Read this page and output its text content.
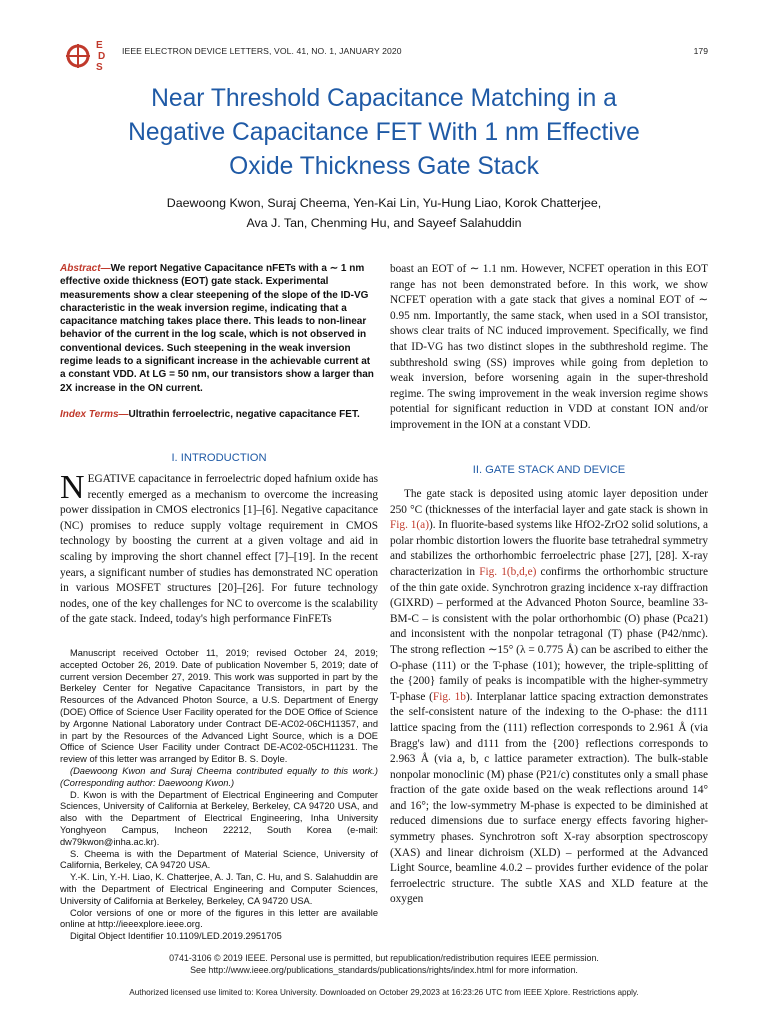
E
D
S
IEEE ELECTRON DEVICE LETTERS, VOL. 41, NO. 1, JANUARY 2020	179
Near Threshold Capacitance Matching in a
Negative Capacitance FET With 1 nm Effective
Oxide Thickness Gate Stack
Daewoong Kwon, Suraj Cheema, Yen-Kai Lin, Yu-Hung Liao, Korok Chatterjee,
Ava J. Tan, Chenming Hu, and Sayeef Salahuddin
Abstract—We report Negative Capacitance nFETs with a ∼ 1 nm effective oxide thickness (EOT) gate stack. Experimental measurements show a clear steepening of the slope of the ID-VG characteristic in the weak inversion regime, indicating that a capacitance matching takes place there. This leads to non-linear behavior of the current in the log scale, which is not observed in conventional devices. Such steepening in the weak inversion regime leads to a significant increase in the achievable current at a constant VDD. At LG = 50 nm, our transistors show a larger than 2X increase in the ON current.
Index Terms—Ultrathin ferroelectric, negative capacitance FET.
I. INTRODUCTION

NEGATIVE capacitance in ferroelectric doped hafnium oxide has recently emerged as a mechanism to overcome the increasing power dissipation in CMOS electronics [1]–[6]. Negative capacitance (NC) promises to reduce supply voltage requirement in CMOS technology by boosting the current at a given voltage and aid in scaling by improving the short channel effect [7]–[19]. In the recent years, a significant number of studies has demonstrated NC operation in various MOSFET structures [20]–[26]. For future technology nodes, one of the key challenges for NC to overcome is the scalability of the gate stack. Indeed, today's high performance FinFETs

Manuscript received October 11, 2019; revised October 24, 2019; accepted October 26, 2019. Date of publication November 5, 2019; date of current version December 27, 2019. This work was supported in part by the Berkeley Center for Negative Capacitance Transistors, in part by the Resources of the Advanced Photon Source, a U.S. Department of Energy (DOE) Office of Science User Facility operated for the DOE Office of Science by Argonne National Laboratory under Contract DE-AC02-06CH11357, and in part by the Resources of the Advanced Light Source, which is a DOE Office of Science User Facility under Contract DE-AC02-05CH11231. The review of this letter was arranged by Editor B. S. Doyle.

(Daewoong Kwon and Suraj Cheema contributed equally to this work.) (Corresponding author: Daewoong Kwon.)

D. Kwon is with the Department of Electrical Engineering and Computer Sciences, University of California at Berkeley, Berkeley, CA 94720 USA, and also with the Department of Electrical Engineering, Inha University Yonghyeon Campus, Incheon 22212, South Korea (e-mail: dw79kwon@inha.ac.kr).

S. Cheema is with the Department of Material Science, University of California, Berkeley, CA 94720 USA.

Y.-K. Lin, Y.-H. Liao, K. Chatterjee, A. J. Tan, C. Hu, and S. Salahuddin are with the Department of Electrical Engineering and Computer Sciences, University of California at Berkeley, Berkeley, CA 94720 USA.

Color versions of one or more of the figures in this letter are available online at http://ieeexplore.ieee.org.

Digital Object Identifier 10.1109/LED.2019.2951705

boast an EOT of ∼ 1.1 nm. However, NCFET operation in this EOT range has not been demonstrated before. In this work, we show NCFET operation with a gate stack that gives a nominal EOT of ∼ 0.95 nm. Importantly, the same stack, when used in a SOI transistor, shows clear traits of NC induced improvement. Specifically, we find that ID-VG has two distinct slopes in the subthreshold regime. The subthreshold swing (SS) improves while going from depletion to weak inversion, before worsening again in the super-threshold regime. The swing improvement in the weak inversion regime shows potential for significant reduction in VDD at constant ION and/or improvement in the ION at a constant VDD.
II. GATE STACK AND DEVICE

The gate stack is deposited using atomic layer deposition under 250 °C (thicknesses of the interfacial layer and gate stack is shown in Fig. 1(a)). In fluorite-based systems like HfO2-ZrO2 solid solutions, a polar rhombic distortion lowers the fluorite base tetrahedral symmetry and stabilizes the orthorhombic ferroelectric phase [27], [28]. X-ray characterization in Fig. 1(b,d,e) confirms the orthorhombic structure of the thin gate oxide. Synchrotron grazing incidence x-ray diffraction (GIXRD) – performed at the Advanced Photon Source, beamline 33-BM-C – is consistent with the polar orthorhombic (O) phase (Pca21) and inconsistent with the nonpolar tetragonal (T) phase (P42/nmc). The strong reflection ∼15° (λ = 0.775 Å) can be ascribed to either the O-phase (111) or the T-phase (101); however, the triple-splitting of the {200} family of peaks is incompatible with the higher-symmetry T-phase (Fig. 1b). Interplanar lattice spacing extraction demonstrates the self-consistent nature of the indexing to the O-phase: the d111 lattice spacing from the (111) reflection corresponds to 2.961 Å (via Bragg's law) and d111 from the {200} reflections corresponds to 2.963 Å (via a, b, c lattice parameter extraction). The bulk-stable nonpolar monoclinic (M) phase (P21/c) constitutes only a small phase fraction of the gate oxide based on the weak reflections around 14° and 16°; the low-symmetry M-phase is expected to be diminished at reduced dimensions due to surface energy effects favoring higher-symmetry phases. Synchrotron soft X-ray absorption spectroscopy (XAS) and linear dichroism (XLD) – performed at the Advanced Light Source, beamline 4.0.2 – provides further evidence of the polar ferroelectric structure. The subtle XAS and XLD feature at the oxygen

0741-3106 © 2019 IEEE. Personal use is permitted, but republication/redistribution requires IEEE permission.
See http://www.ieee.org/publications_standards/publications/rights/index.html for more information.
Authorized licensed use limited to: Korea University. Downloaded on October 29,2023 at 16:23:26 UTC from IEEE Xplore. Restrictions apply.
